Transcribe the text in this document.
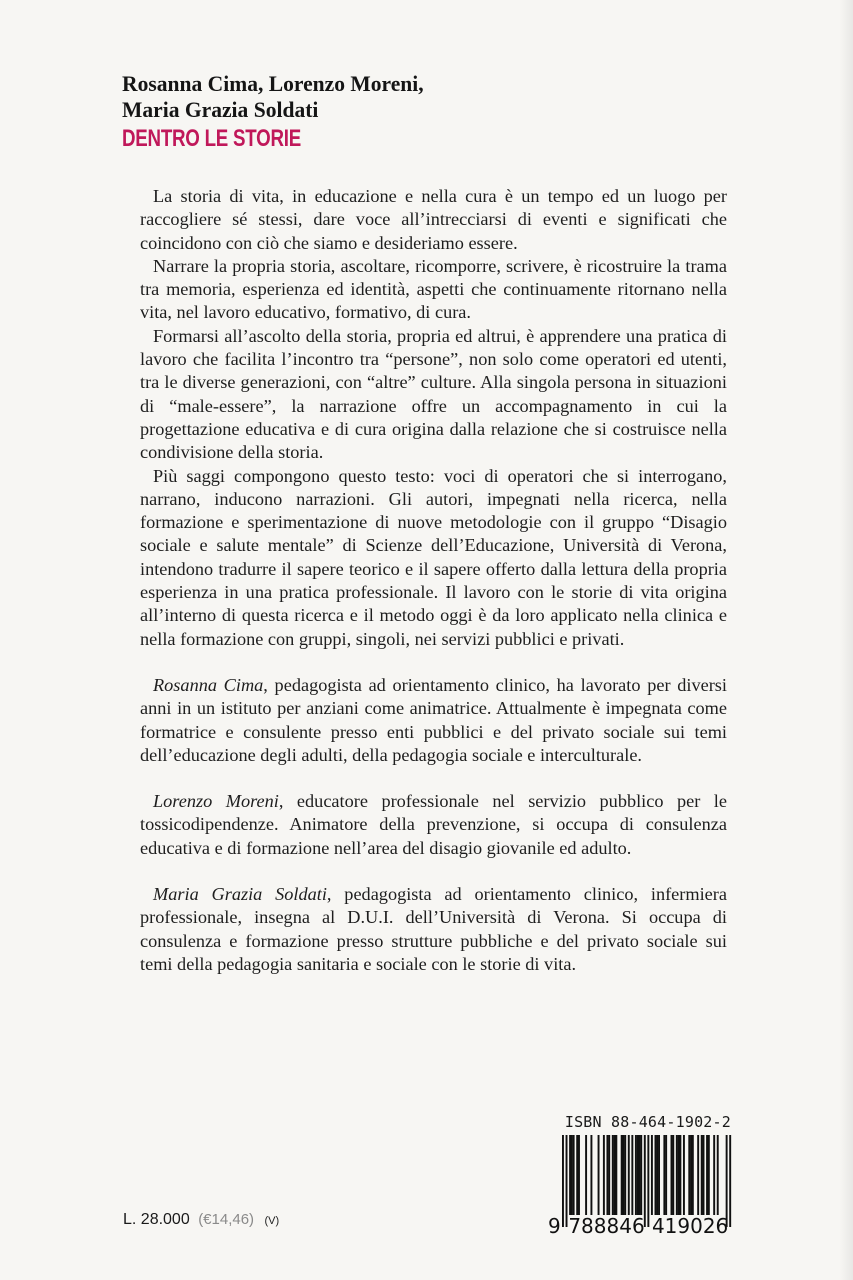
Rosanna Cima, Lorenzo Moreni,

Maria Grazia Soldati

DENTRO LE STORIE

La storia di vita, in educazione e nella cura è un tempo ed un luogo per raccogliere sé stessi, dare voce all’intrecciarsi di eventi e significati che coincidono con ciò che siamo e desideriamo essere.

Narrare la propria storia, ascoltare, ricomporre, scrivere, è ricostruire la trama tra memoria, esperienza ed identità, aspetti che continuamente ritornano nella vita, nel lavoro educativo, formativo, di cura.

Formarsi all’ascolto della storia, propria ed altrui, è apprendere una pratica di lavoro che facilita l’incontro tra “persone”, non solo come operatori ed utenti, tra le diverse generazioni, con “altre” culture. Alla singola persona in situazioni di “male-essere”, la narrazione offre un accompagnamento in cui la progettazione educativa e di cura origina dalla relazione che si costruisce nella condivisione della storia.

Più saggi compongono questo testo: voci di operatori che si interrogano, narrano, inducono narrazioni. Gli autori, impegnati nella ricerca, nella formazione e sperimentazione di nuove metodologie con il gruppo “Disagio sociale e salute mentale” di Scienze dell’Educazione, Università di Verona, intendono tradurre il sapere teorico e il sapere offerto dalla lettura della propria esperienza in una pratica professionale. Il lavoro con le storie di vita origina all’interno di questa ricerca e il metodo oggi è da loro applicato nella clinica e nella formazione con gruppi, singoli, nei servizi pubblici e privati.

Rosanna Cima, pedagogista ad orientamento clinico, ha lavorato per diversi anni in un istituto per anziani come animatrice. Attualmente è impegnata come formatrice e consulente presso enti pubblici e del privato sociale sui temi dell’educazione degli adulti, della pedagogia sociale e interculturale.

Lorenzo Moreni, educatore professionale nel servizio pubblico per le tossicodipendenze. Animatore della prevenzione, si occupa di consulenza educativa e di formazione nell’area del disagio giovanile ed adulto.

Maria Grazia Soldati, pedagogista ad orientamento clinico, infermiera professionale, insegna al D.U.I. dell’Università di Verona. Si occupa di consulenza e formazione presso strutture pubbliche e del privato sociale sui temi della pedagogia sanitaria e sociale con le storie di vita.

ISBN 88-464-1902-2
9 788846 419026
L. 28.000 (€14,46) (V)
